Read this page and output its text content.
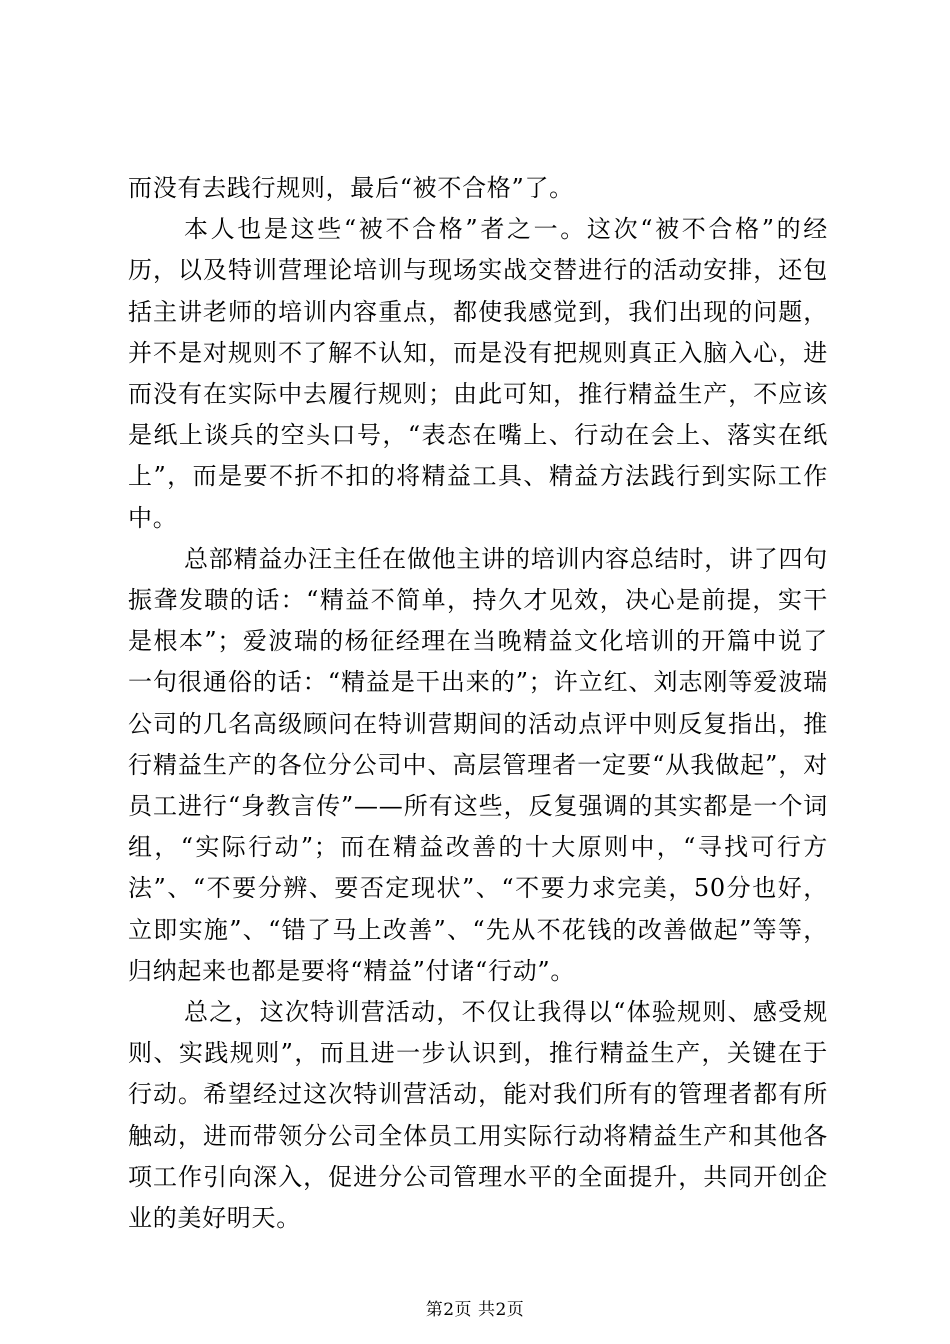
而没有去践行规则，最后“被不合格”了。

本人也是这些“被不合格”者之一。这次“被不合格”的经历，以及特训营理论培训与现场实战交替进行的活动安排，还包括主讲老师的培训内容重点，都使我感觉到，我们出现的问题，并不是对规则不了解不认知，而是没有把规则真正入脑入心，进而没有在实际中去履行规则；由此可知，推行精益生产，不应该是纸上谈兵的空头口号，“表态在嘴上、行动在会上、落实在纸上”，而是要不折不扣的将精益工具、精益方法践行到实际工作中。

总部精益办汪主任在做他主讲的培训内容总结时，讲了四句振聋发聩的话：“精益不简单，持久才见效，决心是前提，实干是根本”；爱波瑞的杨征经理在当晚精益文化培训的开篇中说了一句很通俗的话：“精益是干出来的”；许立红、刘志刚等爱波瑞公司的几名高级顾问在特训营期间的活动点评中则反复指出，推行精益生产的各位分公司中、高层管理者一定要“从我做起”，对员工进行“身教言传”——所有这些，反复强调的其实都是一个词组，“实际行动”；而在精益改善的十大原则中，“寻找可行方法”、“不要分辨、要否定现状”、“不要力求完美，50分也好，立即实施”、“错了马上改善”、“先从不花钱的改善做起”等等，归纳起来也都是要将“精益”付诸“行动”。

总之，这次特训营活动，不仅让我得以“体验规则、感受规则、实践规则”，而且进一步认识到，推行精益生产，关键在于行动。希望经过这次特训营活动，能对我们所有的管理者都有所触动，进而带领分公司全体员工用实际行动将精益生产和其他各项工作引向深入，促进分公司管理水平的全面提升，共同开创企业的美好明天。

第2页 共2页
